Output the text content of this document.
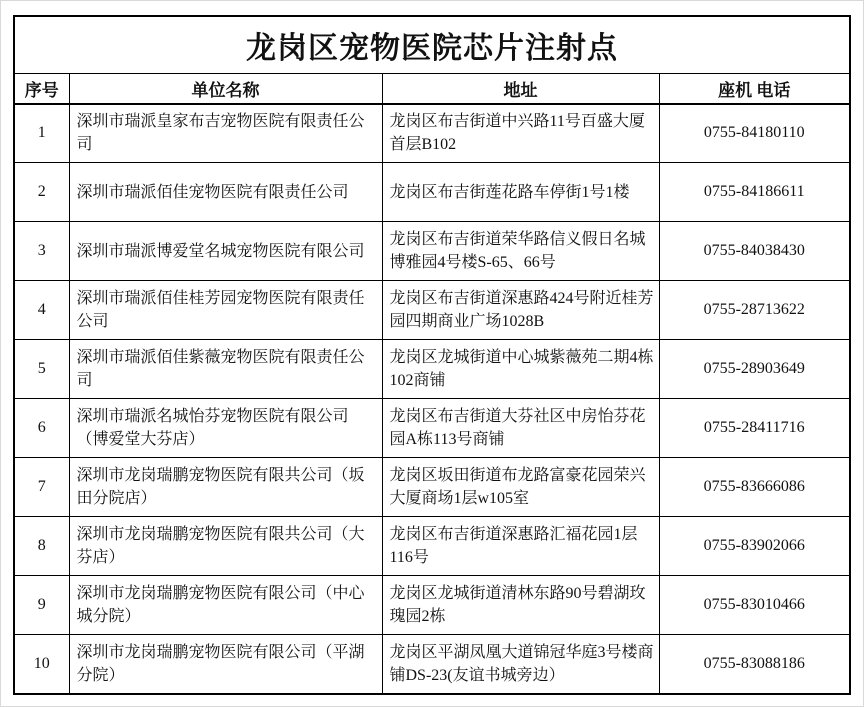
龙岗区宠物医院芯片注射点			
序号	单位名称	地址	座机 电话
1	深圳市瑞派皇家布吉宠物医院有限责任公司	龙岗区布吉街道中兴路11号百盛大厦首层B102	0755-84180110
2	深圳市瑞派佰佳宠物医院有限责任公司	龙岗区布吉街莲花路车停街1号1楼	0755-84186611
3	深圳市瑞派博爱堂名城宠物医院有限公司	龙岗区布吉街道荣华路信义假日名城博雅园4号楼S-65、66号	0755-84038430
4	深圳市瑞派佰佳桂芳园宠物医院有限责任公司	龙岗区布吉街道深惠路424号附近桂芳园四期商业广场1028B	0755-28713622
5	深圳市瑞派佰佳紫薇宠物医院有限责任公司	龙岗区龙城街道中心城紫薇苑二期4栋102商铺	0755-28903649
6	深圳市瑞派名城怡芬宠物医院有限公司（博爱堂大芬店）	龙岗区布吉街道大芬社区中房怡芬花园A栋113号商铺	0755-28411716
7	深圳市龙岗瑞鹏宠物医院有限共公司（坂田分院店）	龙岗区坂田街道布龙路富豪花园荣兴大厦商场1层w105室	0755-83666086
8	深圳市龙岗瑞鹏宠物医院有限共公司（大芬店）	龙岗区布吉街道深惠路汇福花园1层116号	0755-83902066
9	深圳市龙岗瑞鹏宠物医院有限公司（中心城分院）	龙岗区龙城街道清林东路90号碧湖玫瑰园2栋	0755-83010466
10	深圳市龙岗瑞鹏宠物医院有限公司（平湖分院）	龙岗区平湖凤凰大道锦冠华庭3号楼商铺DS-23(友谊书城旁边）	0755-83088186
